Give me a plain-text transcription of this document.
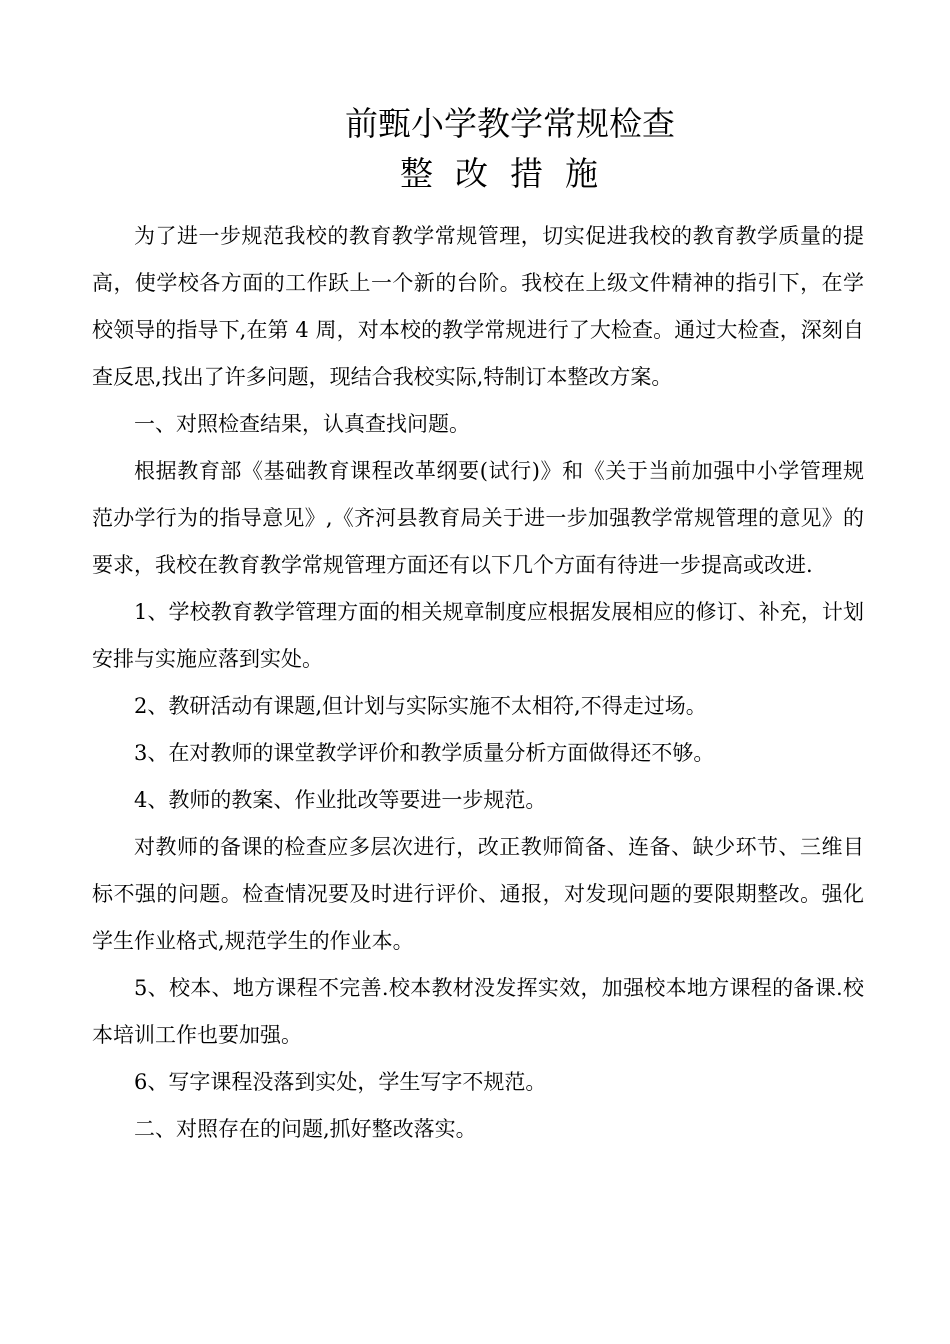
前甄小学教学常规检查
整改措施

为了进一步规范我校的教育教学常规管理，切实促进我校的教育教学质量的提高，使学校各方面的工作跃上一个新的台阶。我校在上级文件精神的指引下，在学校领导的指导下,在第 4 周，对本校的教学常规进行了大检查。通过大检查，深刻自查反思,找出了许多问题，现结合我校实际,特制订本整改方案。

一、对照检查结果，认真查找问题。

根据教育部《基础教育课程改革纲要(试行)》和《关于当前加强中小学管理规范办学行为的指导意见》,《齐河县教育局关于进一步加强教学常规管理的意见》的要求，我校在教育教学常规管理方面还有以下几个方面有待进一步提高或改进.

1、学校教育教学管理方面的相关规章制度应根据发展相应的修订、补充，计划安排与实施应落到实处。

2、教研活动有课题,但计划与实际实施不太相符,不得走过场。

3、在对教师的课堂教学评价和教学质量分析方面做得还不够。

4、教师的教案、作业批改等要进一步规范。

对教师的备课的检查应多层次进行，改正教师简备、连备、缺少环节、三维目标不强的问题。检查情况要及时进行评价、通报，对发现问题的要限期整改。强化学生作业格式,规范学生的作业本。

5、校本、地方课程不完善.校本教材没发挥实效，加强校本地方课程的备课.校本培训工作也要加强。

6、写字课程没落到实处，学生写字不规范。

二、对照存在的问题,抓好整改落实。
